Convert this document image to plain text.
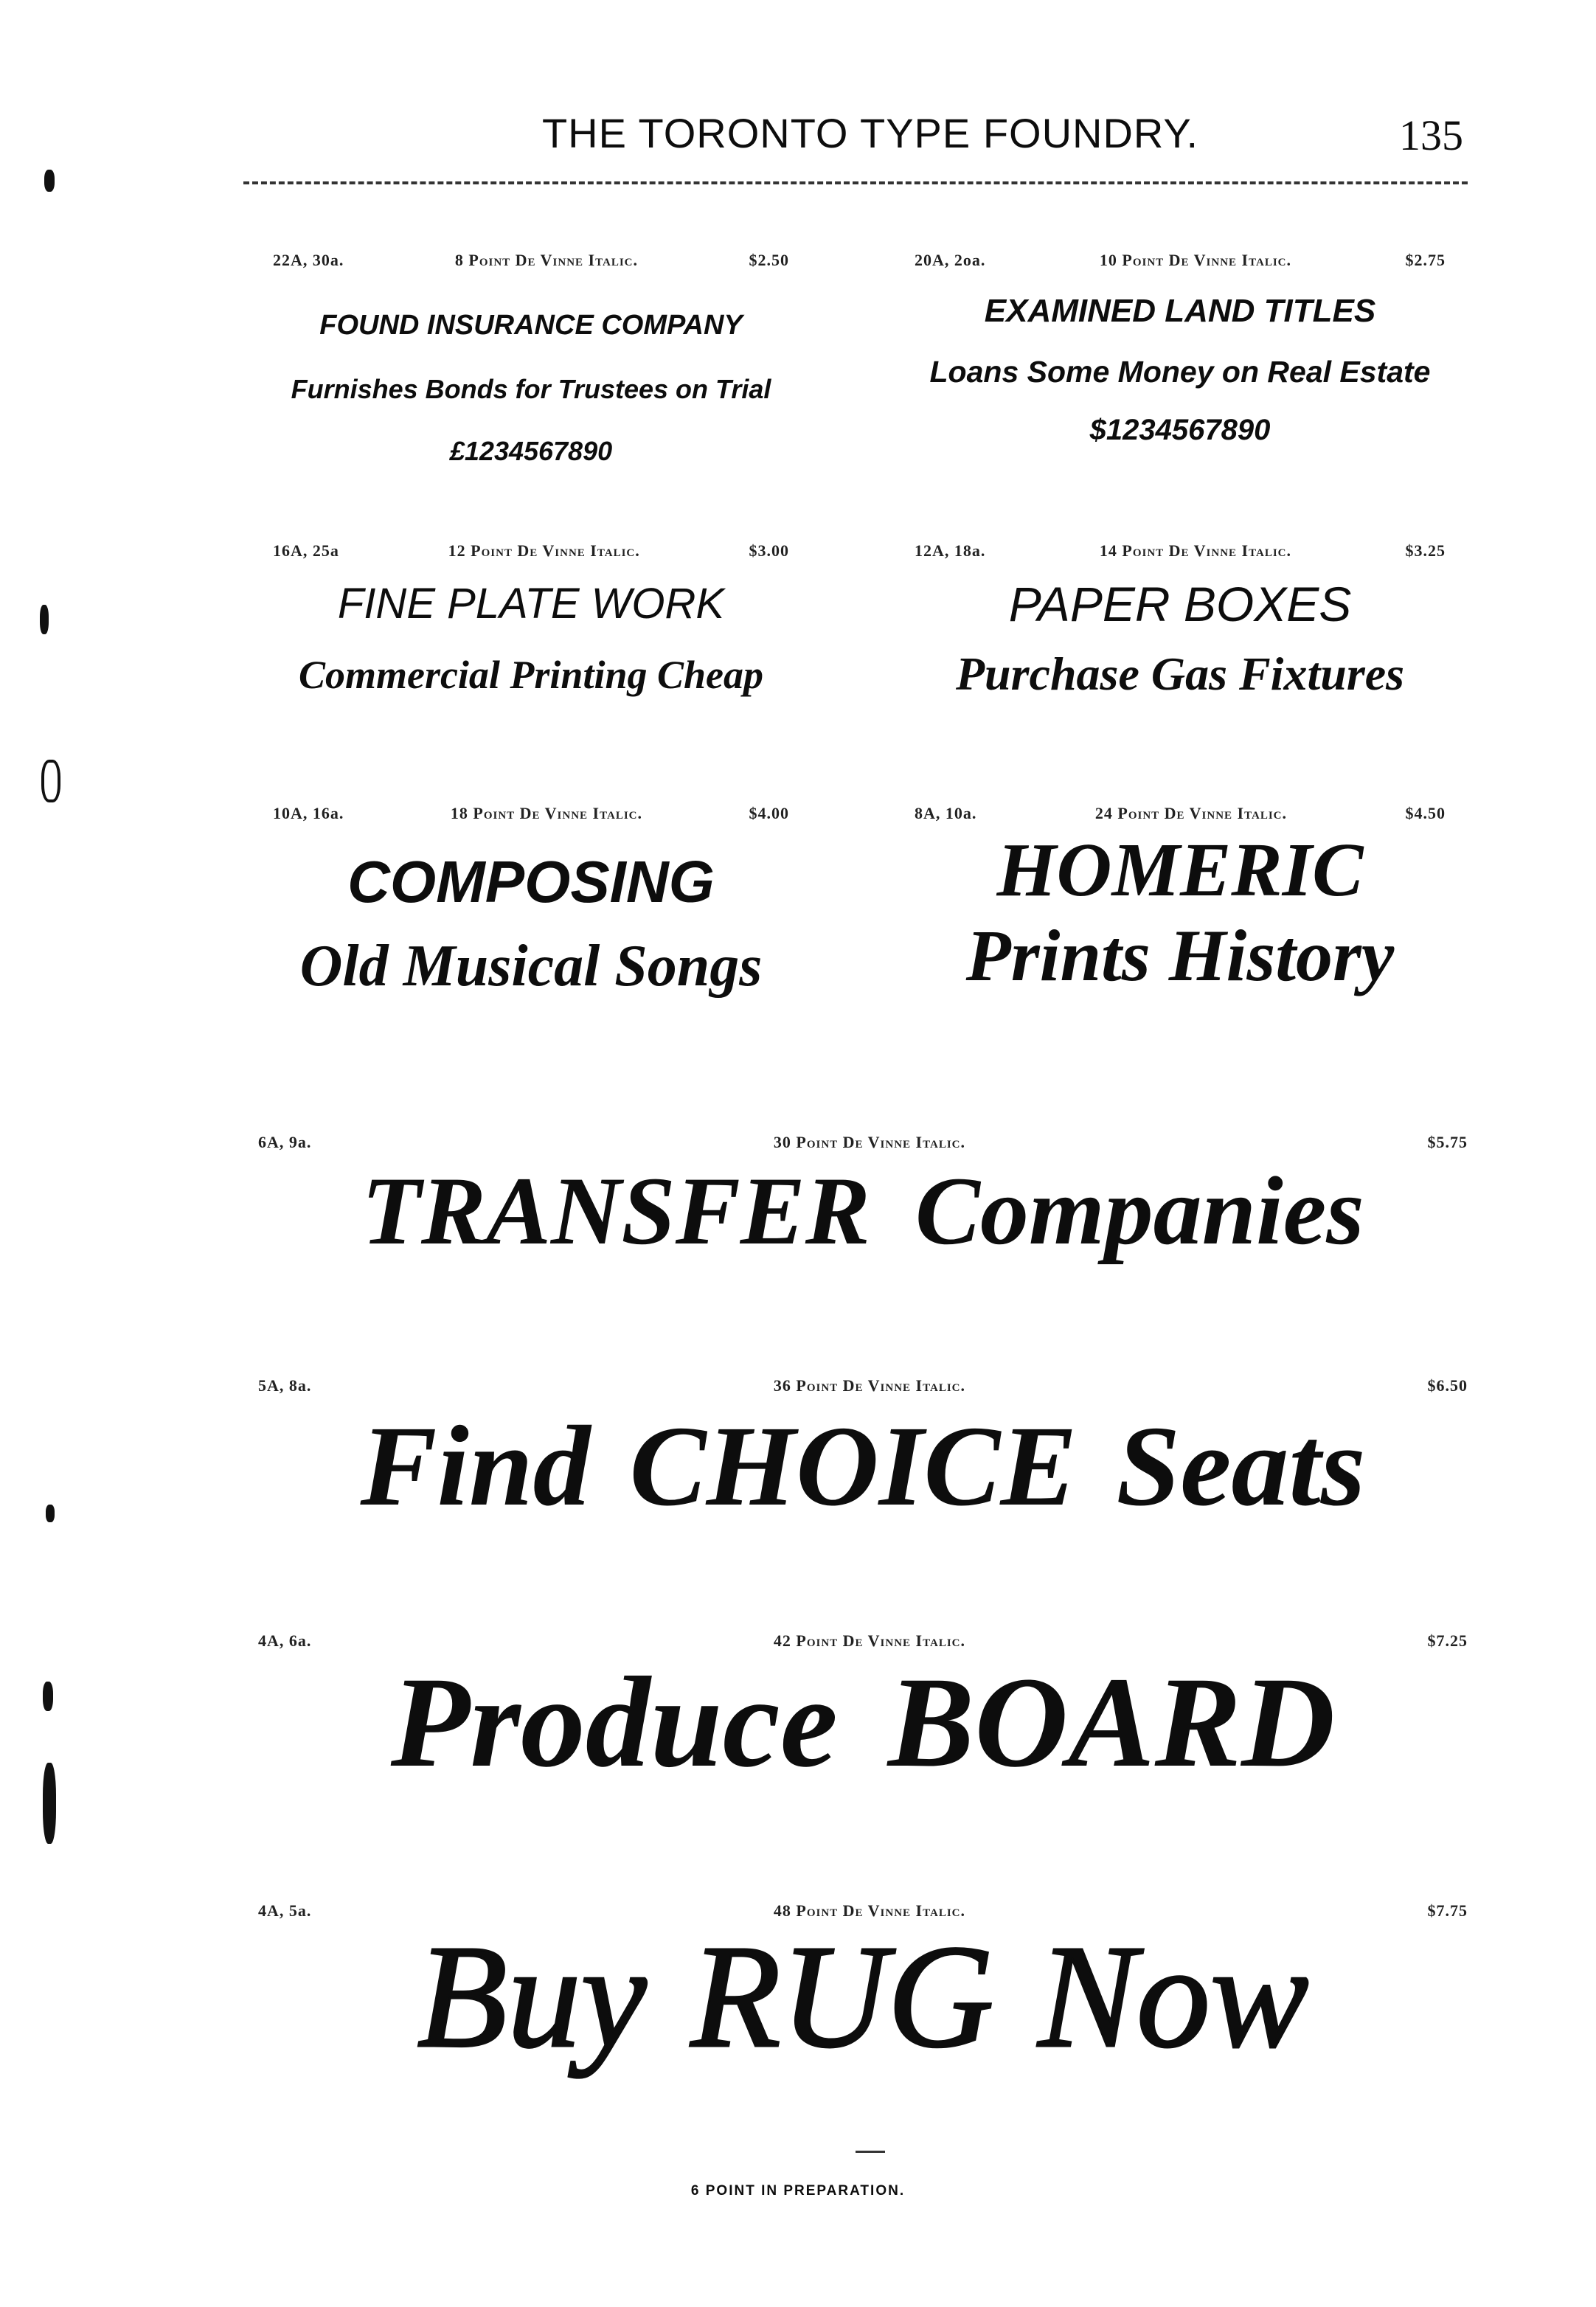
THE TORONTO TYPE FOUNDRY.	135
22A, 30a.	8 Point De Vinne Italic.	$2.50
FOUND INSURANCE COMPANY
Furnishes Bonds for Trustees on Trial
£1234567890
20A, 2oa.	10 Point De Vinne Italic.	$2.75
EXAMINED LAND TITLES
Loans Some Money on Real Estate
$1234567890
16A, 25a	12 Point De Vinne Italic.	$3.00
FINE PLATE WORK
Commercial Printing Cheap
12A, 18a.	14 Point De Vinne Italic.	$3.25
PAPER BOXES
Purchase Gas Fixtures
10A, 16a.	18 Point De Vinne Italic.	$4.00
COMPOSING
Old Musical Songs
8A, 10a.	24 Point De Vinne Italic.	$4.50
HOMERIC
Prints History
6A, 9a.	30 Point De Vinne Italic.	$5.75
TRANSFER Companies
5A, 8a.	36 Point De Vinne Italic.	$6.50
Find CHOICE Seats
4A, 6a.	42 Point De Vinne Italic.	$7.25
Produce BOARD
4A, 5a.	48 Point De Vinne Italic.	$7.75
Buy RUG Now
6 POINT IN PREPARATION.
